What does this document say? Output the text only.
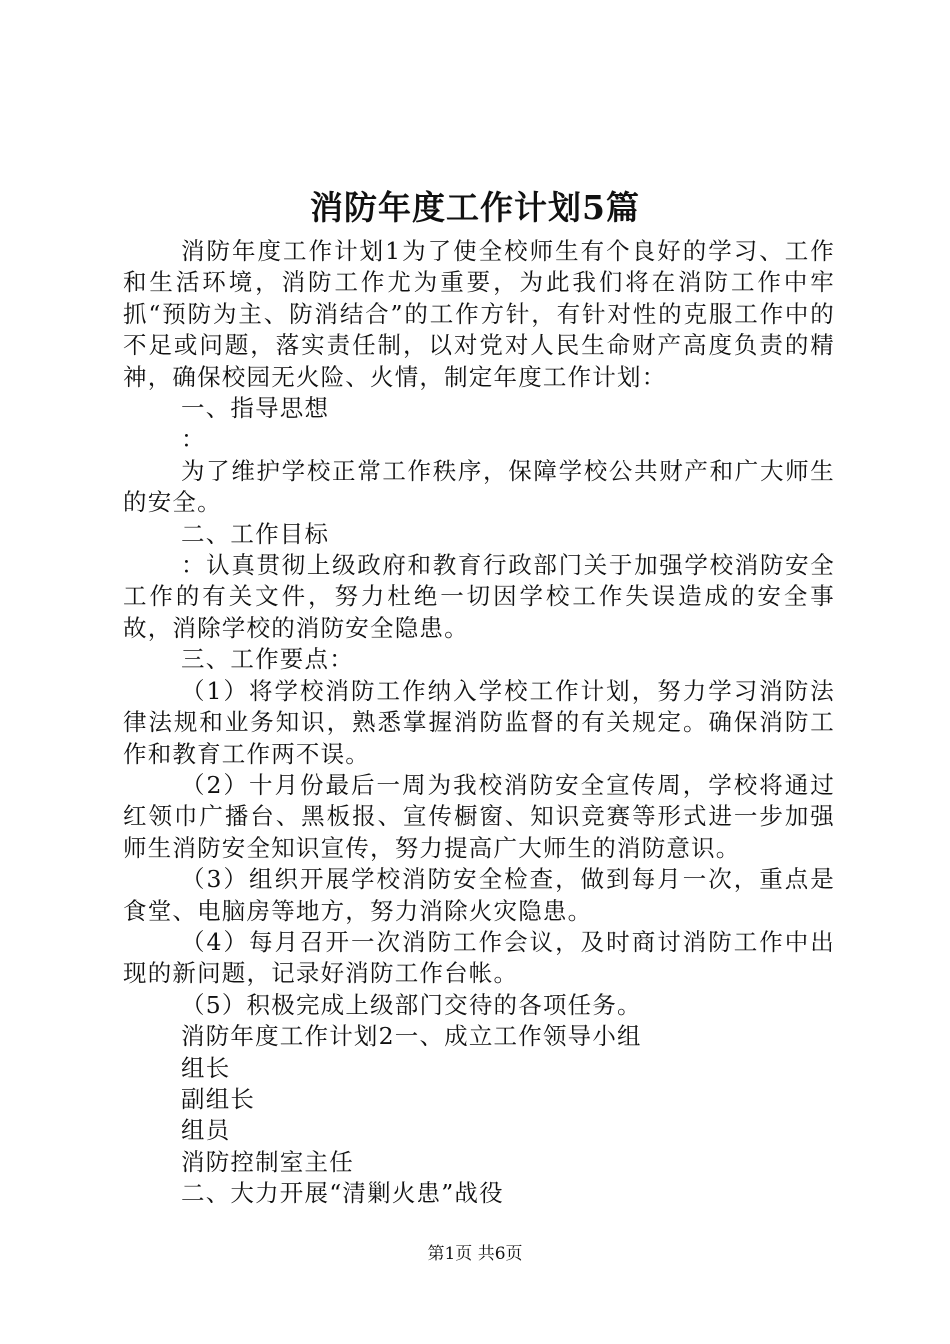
消防年度工作计划5篇

消防年度工作计划1为了使全校师生有个良好的学习、工作和生活环境，消防工作尤为重要，为此我们将在消防工作中牢抓“预防为主、防消结合”的工作方针，有针对性的克服工作中的不足或问题，落实责任制，以对党对人民生命财产高度负责的精神，确保校园无火险、火情，制定年度工作计划：

一、指导思想

：

为了维护学校正常工作秩序，保障学校公共财产和广大师生的安全。

二、工作目标

：认真贯彻上级政府和教育行政部门关于加强学校消防安全工作的有关文件，努力杜绝一切因学校工作失误造成的安全事故，消除学校的消防安全隐患。

三、工作要点：

（1）将学校消防工作纳入学校工作计划，努力学习消防法律法规和业务知识，熟悉掌握消防监督的有关规定。确保消防工作和教育工作两不误。

（2）十月份最后一周为我校消防安全宣传周，学校将通过红领巾广播台、黑板报、宣传橱窗、知识竞赛等形式进一步加强师生消防安全知识宣传，努力提高广大师生的消防意识。

（3）组织开展学校消防安全检查，做到每月一次，重点是食堂、电脑房等地方，努力消除火灾隐患。

（4）每月召开一次消防工作会议，及时商讨消防工作中出现的新问题，记录好消防工作台帐。

（5）积极完成上级部门交待的各项任务。

消防年度工作计划2一、成立工作领导小组

组长

副组长

组员

消防控制室主任

二、大力开展“清剿火患”战役

第1页 共6页
